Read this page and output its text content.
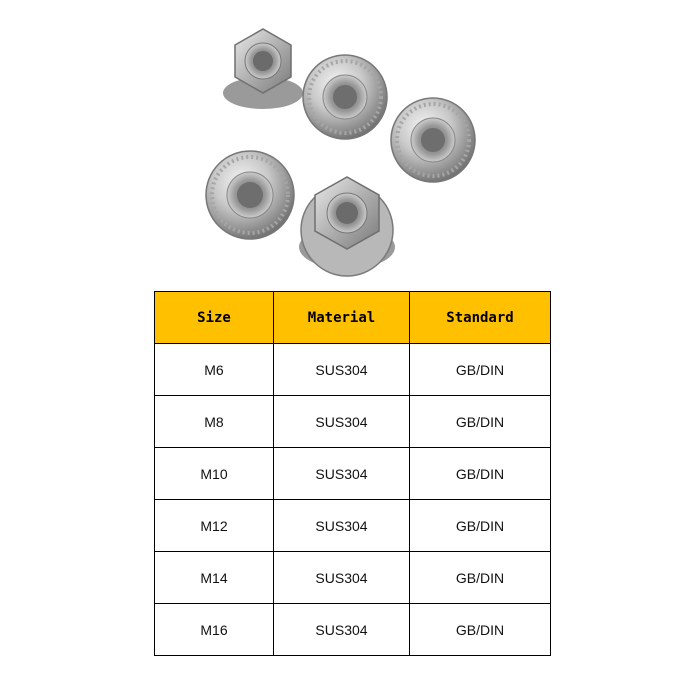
Size	Material	Standard
M6	SUS304	GB/DIN
M8	SUS304	GB/DIN
M10	SUS304	GB/DIN
M12	SUS304	GB/DIN
M14	SUS304	GB/DIN
M16	SUS304	GB/DIN
